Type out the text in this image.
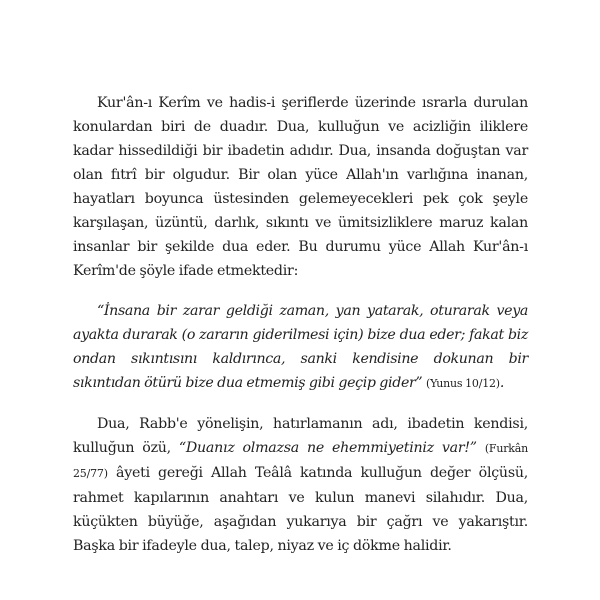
Kur'ân-ı Kerîm ve hadis-i şeriflerde üzerinde ısrarla durulan konulardan biri de duadır. Dua, kulluğun ve acizliğin iliklere kadar hissedildiği bir ibadetin adıdır. Dua, insanda doğuştan var olan fıtrî bir olgudur. Bir olan yüce Allah'ın varlığına inanan, hayatları boyunca üstesinden gelemeyecekleri pek çok şeyle karşılaşan, üzüntü, darlık, sıkıntı ve ümitsizliklere maruz kalan insanlar bir şekilde dua eder. Bu durumu yüce Allah Kur'ân-ı Kerîm'de şöyle ifade etmektedir:

“İnsana bir zarar geldiği zaman, yan yatarak, oturarak veya ayakta durarak (o zararın giderilmesi için) bize dua eder; fakat biz ondan sıkıntısını kaldırınca, sanki kendisine dokunan bir sıkıntıdan ötürü bize dua etmemiş gibi geçip gider” (Yunus 10/12).

Dua, Rabb'e yönelişin, hatırlamanın adı, ibadetin kendisi, kulluğun özü, “Duanız olmazsa ne ehemmiyetiniz var!” (Furkân 25/77) âyeti gereği Allah Teâlâ katında kulluğun değer ölçüsü, rahmet kapılarının anahtarı ve kulun manevi silahıdır. Dua, küçükten büyüğe, aşağıdan yukarıya bir çağrı ve yakarıştır. Başka bir ifadeyle dua, talep, niyaz ve iç dökme halidir.
